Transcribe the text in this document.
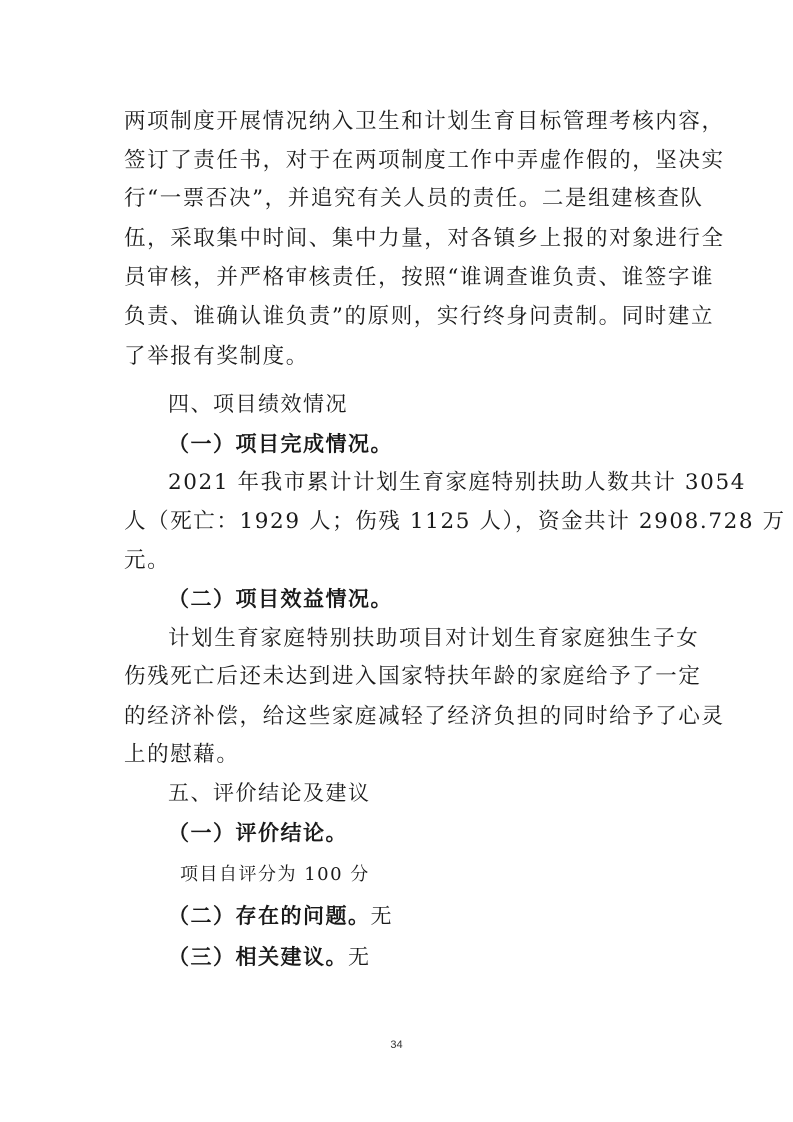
两项制度开展情况纳入卫生和计划生育目标管理考核内容，
签订了责任书，对于在两项制度工作中弄虚作假的，坚决实
行“一票否决”，并追究有关人员的责任。二是组建核查队
伍，采取集中时间、集中力量，对各镇乡上报的对象进行全
员审核，并严格审核责任，按照“谁调查谁负责、谁签字谁
负责、谁确认谁负责”的原则，实行终身问责制。同时建立
了举报有奖制度。
四、项目绩效情况
（一）项目完成情况。
2021 年我市累计计划生育家庭特别扶助人数共计 3054
人（死亡：1929 人；伤残 1125 人），资金共计 2908.728 万
元。
（二）项目效益情况。
计划生育家庭特别扶助项目对计划生育家庭独生子女
伤残死亡后还未达到进入国家特扶年龄的家庭给予了一定
的经济补偿，给这些家庭减轻了经济负担的同时给予了心灵
上的慰藉。
五、评价结论及建议
（一）评价结论。
项目自评分为 100 分
（二）存在的问题。无
（三）相关建议。无
34
